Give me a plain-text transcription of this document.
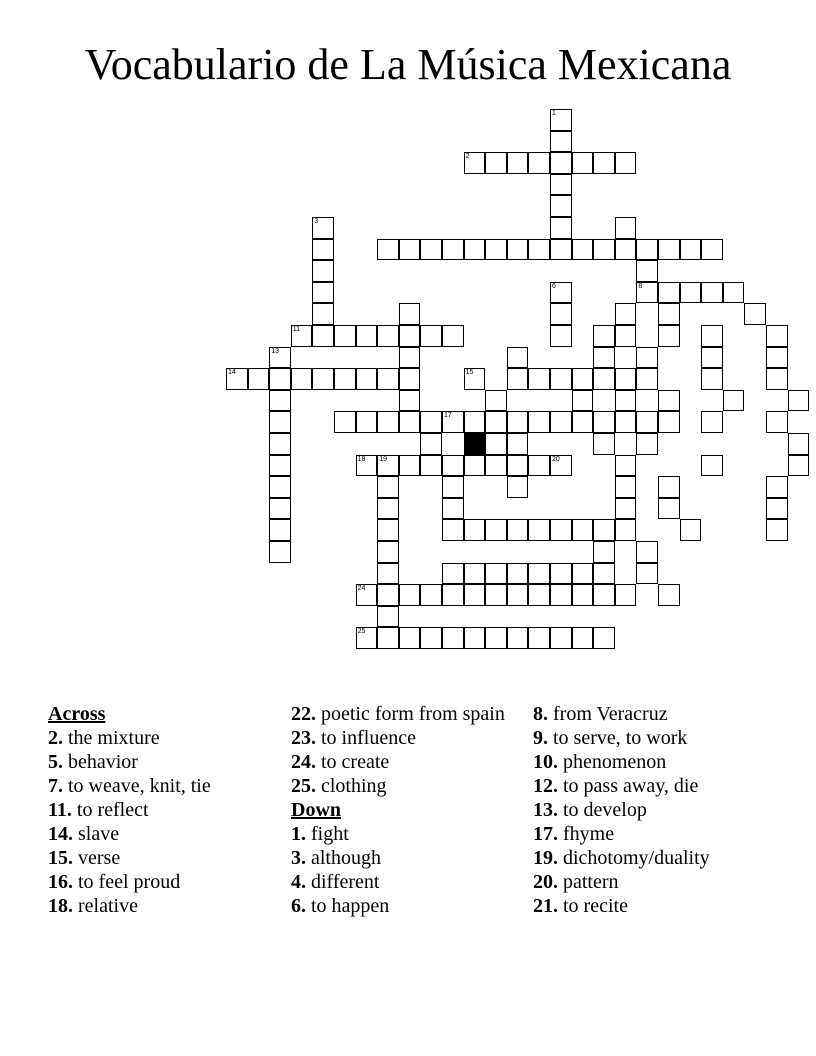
Vocabulario de La Música Mexicana
1
2
3
6	8
11
13
14	15
17
18 19	20
24
25
Across
2. the mixture
5. behavior
7. to weave, knit, tie
11. to reflect
14. slave
15. verse
16. to feel proud
18. relative
22. poetic form from spain
23. to influence
24. to create
25. clothing
Down
1. fight
3. although
4. different
6. to happen
8. from Veracruz
9. to serve, to work
10. phenomenon
12. to pass away, die
13. to develop
17. fhyme
19. dichotomy/duality
20. pattern
21. to recite
